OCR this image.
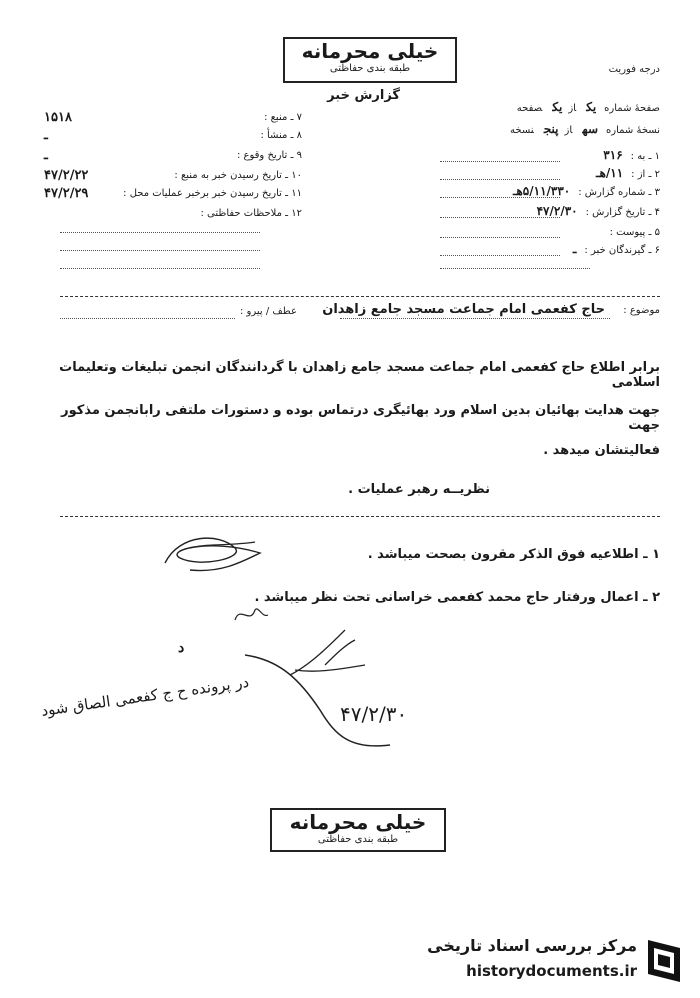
خیلی محرمانه
طبقه بندی حفاظتی	درجه فوریت
گزارش خبر
صفحهٔ شمارهیکازیکصفحه
نسخهٔ شمارهسهازپنجنسخه
۱ ـ به :۳۱۶
۲ ـ از :۱۱/هـ
۳ ـ شماره گزارش :۵/۱۱/۳۳۰هـ
۴ ـ تاریخ گزارش :۴۷/۲/۳۰
۵ ـ پیوست :
۶ ـ گیرندگان خبر :ـ
۷ ـ منبع :
۱۵۱۸
۸ ـ منشأ :
ـ
۹ ـ تاریخ وقوع :
ـ
۱۰ ـ تاریخ رسیدن خبر به منبع :
۴۷/۲/۲۲
۱۱ ـ تاریخ رسیدن خبر برخبر عملیات محل :
۴۷/۲/۲۹
۱۲ ـ ملاحظات حفاظتی :
موضوع :
حاج کفعمی امام جماعت مسجد جامع زاهدان
عطف / پیرو :
برابر اطلاع حاج کفعمی امام جماعت مسجد جامع زاهدان با گردانندگان انجمن تبلیغات وتعلیمات اسلامی
جهت هدایت بهائیان بدین اسلام ورد بهائیگری درتماس بوده و دستورات ملتفی رابانجمن مذکور جهت
فعالیتشان میدهد .
نظریــه رهبر عملیات .
۱ ـ اطلاعیه فوق الذکر مقرون بصحت میباشد .
۲ ـ اعمال ورفتار حاج محمد کفعمی خراسانی تحت نظر میباشد .
د
۴۷/۲/۳۰
در پرونده ح ج کفعمی الصاق شود
خیلی محرمانه
طبقه بندی حفاظتی
مرکز بررسی اسناد تاریخی
historydocuments.ir
